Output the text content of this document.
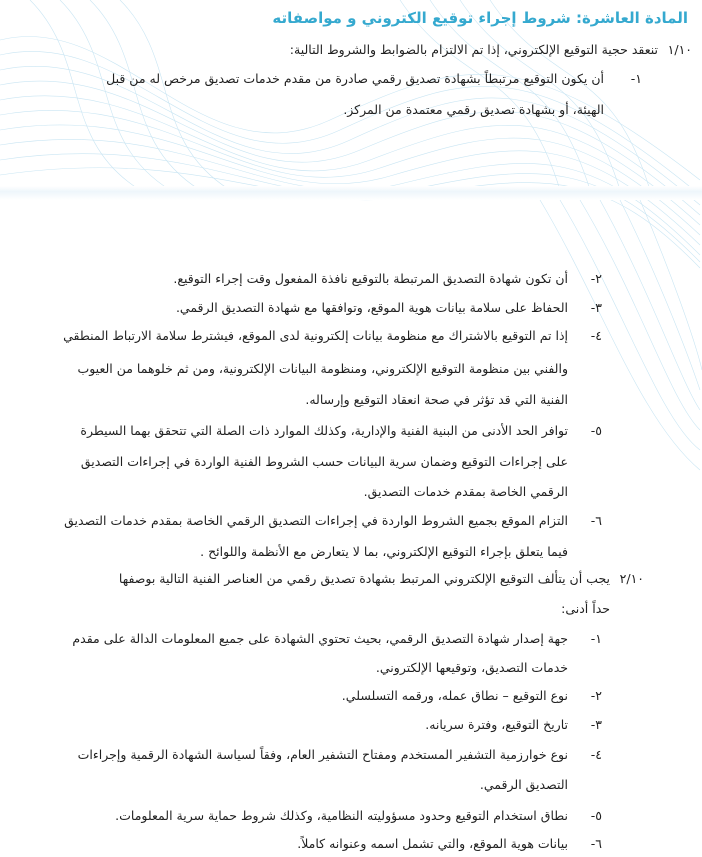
المادة العاشرة: شروط إجراء توقيع الكتروني و مواصفاته
١/١٠
تنعقد حجية التوقيع الإلكتروني، إذا تم الالتزام بالضوابط والشروط التالية:
١-
أن يكون التوقيع مرتبطاً بشهادة تصديق رقمي صادرة من مقدم خدمات تصديق مرخص له من قبل
الهيئة، أو بشهادة تصديق رقمي معتمدة من المركز.
٢-
أن تكون شهادة التصديق المرتبطة بالتوقيع نافذة المفعول وقت إجراء التوقيع.
٣-
الحفاظ على سلامة بيانات هوية الموقع، وتوافقها مع شهادة التصديق الرقمي.
٤-
إذا تم التوقيع بالاشتراك مع منظومة بيانات إلكترونية لدى الموقع، فيشترط سلامة الارتباط المنطقي
والفني بين منظومة التوقيع الإلكتروني، ومنظومة البيانات الإلكترونية، ومن ثم خلوهما من العيوب
الفنية التي قد تؤثر في صحة انعقاد التوقيع وإرساله.
٥-
توافر الحد الأدنى من البنية الفنية والإدارية، وكذلك الموارد ذات الصلة التي تتحقق بهما السيطرة
على إجراءات التوقيع وضمان سرية البيانات حسب الشروط الفنية الواردة في إجراءات التصديق
الرقمي الخاصة بمقدم خدمات التصديق.
٦-
التزام الموقع بجميع الشروط الواردة في إجراءات التصديق الرقمي الخاصة بمقدم خدمات التصديق
فيما يتعلق بإجراء التوقيع الإلكتروني، بما لا يتعارض مع الأنظمة واللوائح .
٢/١٠
يجب أن يتألف التوقيع الإلكتروني المرتبط بشهادة تصديق رقمي من العناصر الفنية التالية بوصفها
حداً أدنى:
١-
جهة إصدار شهادة التصديق الرقمي، بحيث تحتوي الشهادة على جميع المعلومات الدالة على مقدم
خدمات التصديق، وتوقيعها الإلكتروني.
٢-
نوع التوقيع – نطاق عمله، ورقمه التسلسلي.
٣-
تاريخ التوقيع، وفترة سريانه.
٤-
نوع خوارزمية التشفير المستخدم ومفتاح التشفير العام، وفقاً لسياسة الشهادة الرقمية وإجراءات
التصديق الرقمي.
٥-
نطاق استخدام التوقيع وحدود مسؤوليته النظامية، وكذلك شروط حماية سرية المعلومات.
٦-
بيانات هوية الموقع، والتي تشمل اسمه وعنوانه كاملاً.
